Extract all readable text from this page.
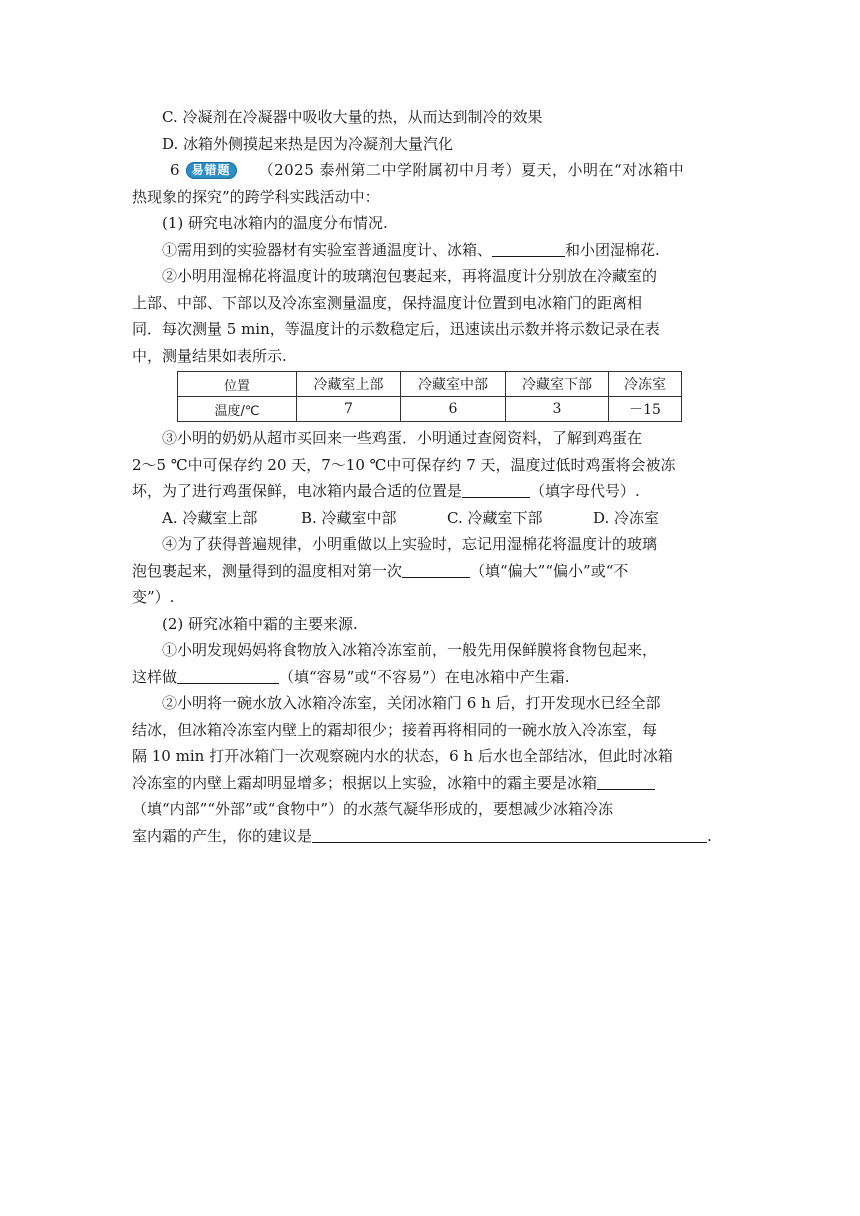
C. 冷凝剂在冷凝器中吸收大量的热，从而达到制冷的效果
D. 冰箱外侧摸起来热是因为冷凝剂大量汽化
6 易错题 （2025 泰州第二中学附属初中月考）夏天，小明在“对冰箱中
热现象的探究”的跨学科实践活动中：
(1) 研究电冰箱内的温度分布情况.
①需用到的实验器材有实验室普通温度计、冰箱、	和小团湿棉花.
②小明用湿棉花将温度计的玻璃泡包裹起来，再将温度计分别放在冷藏室的
上部、中部、下部以及冷冻室测量温度，保持温度计位置到电冰箱门的距离相
同．每次测量 5 min，等温度计的示数稳定后，迅速读出示数并将示数记录在表
中，测量结果如表所示.
位置	冷藏室上部	冷藏室中部	冷藏室下部	冷冻室
温度/℃	7	6	3	－15
③小明的奶奶从超市买回来一些鸡蛋．小明通过查阅资料，了解到鸡蛋在
2～5 ℃中可保存约 20 天，7～10 ℃中可保存约 7 天，温度过低时鸡蛋将会被冻
坏，为了进行鸡蛋保鲜，电冰箱内最合适的位置是	（填字母代号）.
A. 冷藏室上部	B. 冷藏室中部	C. 冷藏室下部	D. 冷冻室
④为了获得普遍规律，小明重做以上实验时，忘记用湿棉花将温度计的玻璃
泡包裹起来，测量得到的温度相对第一次	（填“偏大”“偏小”或“不
变”）.
(2) 研究冰箱中霜的主要来源.
①小明发现妈妈将食物放入冰箱冷冻室前，一般先用保鲜膜将食物包起来，
这样做	（填“容易”或“不容易”）在电冰箱中产生霜.
②小明将一碗水放入冰箱冷冻室，关闭冰箱门 6 h 后，打开发现水已经全部
结冰，但冰箱冷冻室内壁上的霜却很少；接着再将相同的一碗水放入冷冻室，每
隔 10 min 打开冰箱门一次观察碗内水的状态，6 h 后水也全部结冰，但此时冰箱
冷冻室的内壁上霜却明显增多；根据以上实验，冰箱中的霜主要是冰箱
（填“内部”“外部”或“食物中”）的水蒸气凝华形成的，要想减少冰箱冷冻
室内霜的产生，你的建议是	.
